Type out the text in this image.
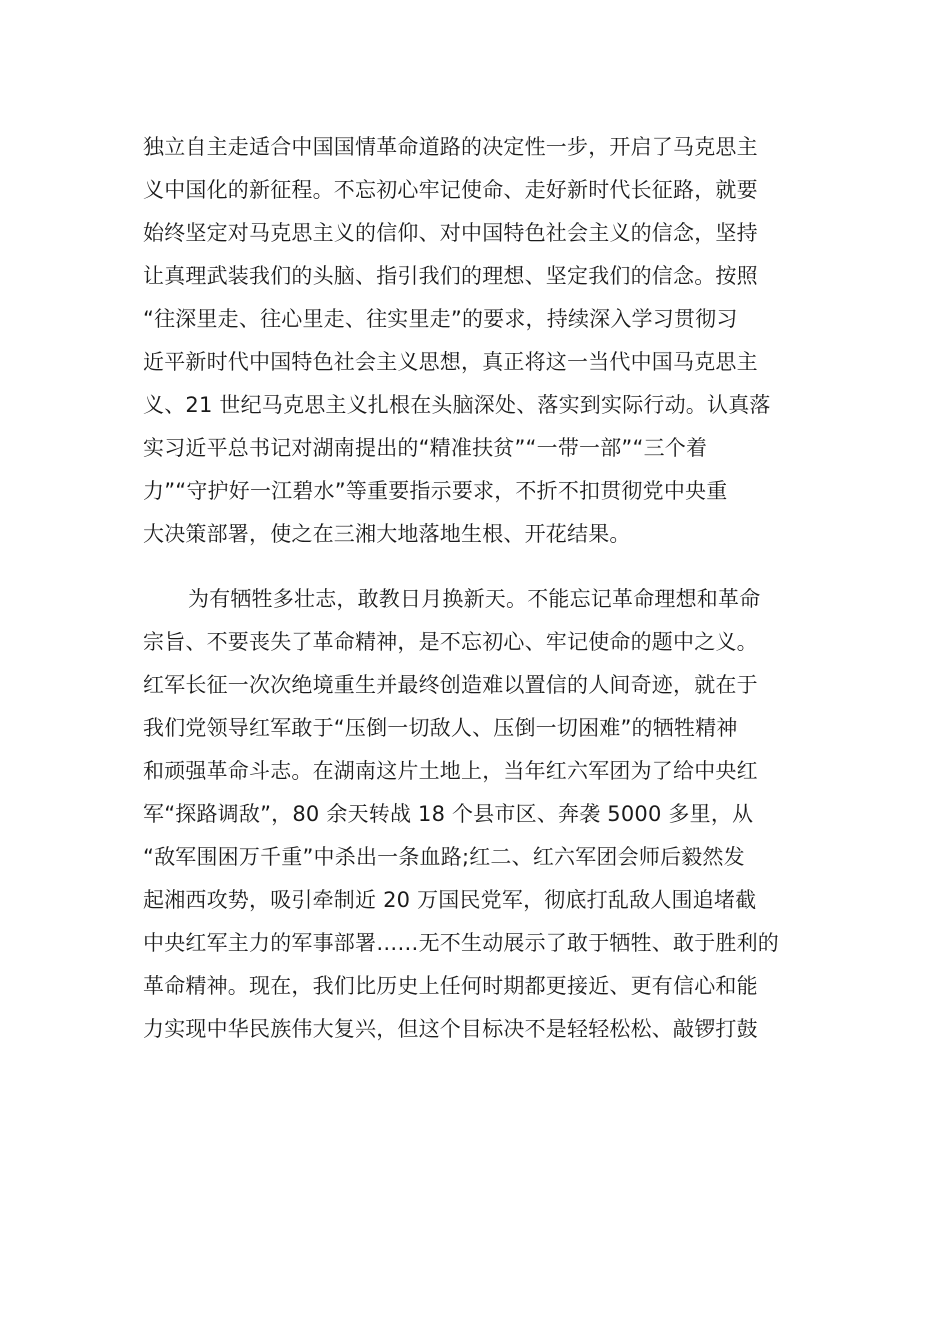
独立自主走适合中国国情革命道路的决定性一步，开启了马克思主
义中国化的新征程。不忘初心牢记使命、走好新时代长征路，就要
始终坚定对马克思主义的信仰、对中国特色社会主义的信念，坚持
让真理武装我们的头脑、指引我们的理想、坚定我们的信念。按照
“往深里走、往心里走、往实里走”的要求，持续深入学习贯彻习
近平新时代中国特色社会主义思想，真正将这一当代中国马克思主
义、21 世纪马克思主义扎根在头脑深处、落实到实际行动。认真落
实习近平总书记对湖南提出的“精准扶贫”“一带一部”“三个着
力”“守护好一江碧水”等重要指示要求，不折不扣贯彻党中央重
大决策部署，使之在三湘大地落地生根、开花结果。
为有牺牲多壮志，敢教日月换新天。不能忘记革命理想和革命
宗旨、不要丧失了革命精神，是不忘初心、牢记使命的题中之义。
红军长征一次次绝境重生并最终创造难以置信的人间奇迹，就在于
我们党领导红军敢于“压倒一切敌人、压倒一切困难”的牺牲精神
和顽强革命斗志。在湖南这片土地上，当年红六军团为了给中央红
军“探路调敌”，80 余天转战 18 个县市区、奔袭 5000 多里，从
“敌军围困万千重”中杀出一条血路;红二、红六军团会师后毅然发
起湘西攻势，吸引牵制近 20 万国民党军，彻底打乱敌人围追堵截
中央红军主力的军事部署……无不生动展示了敢于牺牲、敢于胜利的
革命精神。现在，我们比历史上任何时期都更接近、更有信心和能
力实现中华民族伟大复兴，但这个目标决不是轻轻松松、敲锣打鼓
